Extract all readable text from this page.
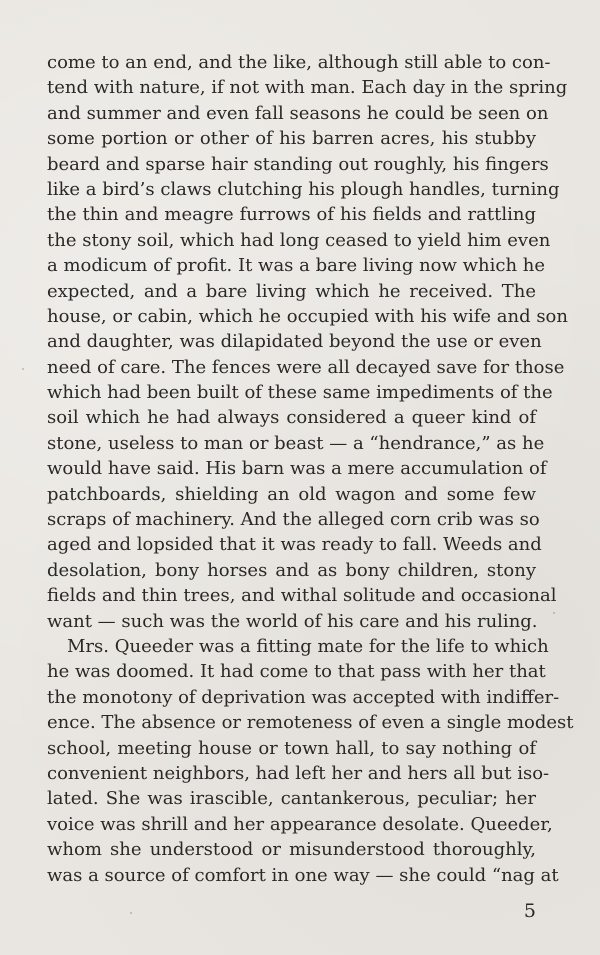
come to an end, and the like, although still able to con-
tend with nature, if not with man. Each day in the spring
and summer and even fall seasons he could be seen on
some portion or other of his barren acres, his stubby
beard and sparse hair standing out roughly, his fingers
like a bird’s claws clutching his plough handles, turning
the thin and meagre furrows of his fields and rattling
the stony soil, which had long ceased to yield him even
a modicum of profit. It was a bare living now which he
expected, and a bare living which he received. The
house, or cabin, which he occupied with his wife and son
and daughter, was dilapidated beyond the use or even
need of care. The fences were all decayed save for those
which had been built of these same impediments of the
soil which he had always considered a queer kind of
stone, useless to man or beast — a “hendrance,” as he
would have said. His barn was a mere accumulation of
patchboards, shielding an old wagon and some few
scraps of machinery. And the alleged corn crib was so
aged and lopsided that it was ready to fall. Weeds and
desolation, bony horses and as bony children, stony
fields and thin trees, and withal solitude and occasional
want — such was the world of his care and his ruling.
Mrs. Queeder was a fitting mate for the life to which
he was doomed. It had come to that pass with her that
the monotony of deprivation was accepted with indiffer-
ence. The absence or remoteness of even a single modest
school, meeting house or town hall, to say nothing of
convenient neighbors, had left her and hers all but iso-
lated. She was irascible, cantankerous, peculiar; her
voice was shrill and her appearance desolate. Queeder,
whom she understood or misunderstood thoroughly,
was a source of comfort in one way — she could “nag at
5
